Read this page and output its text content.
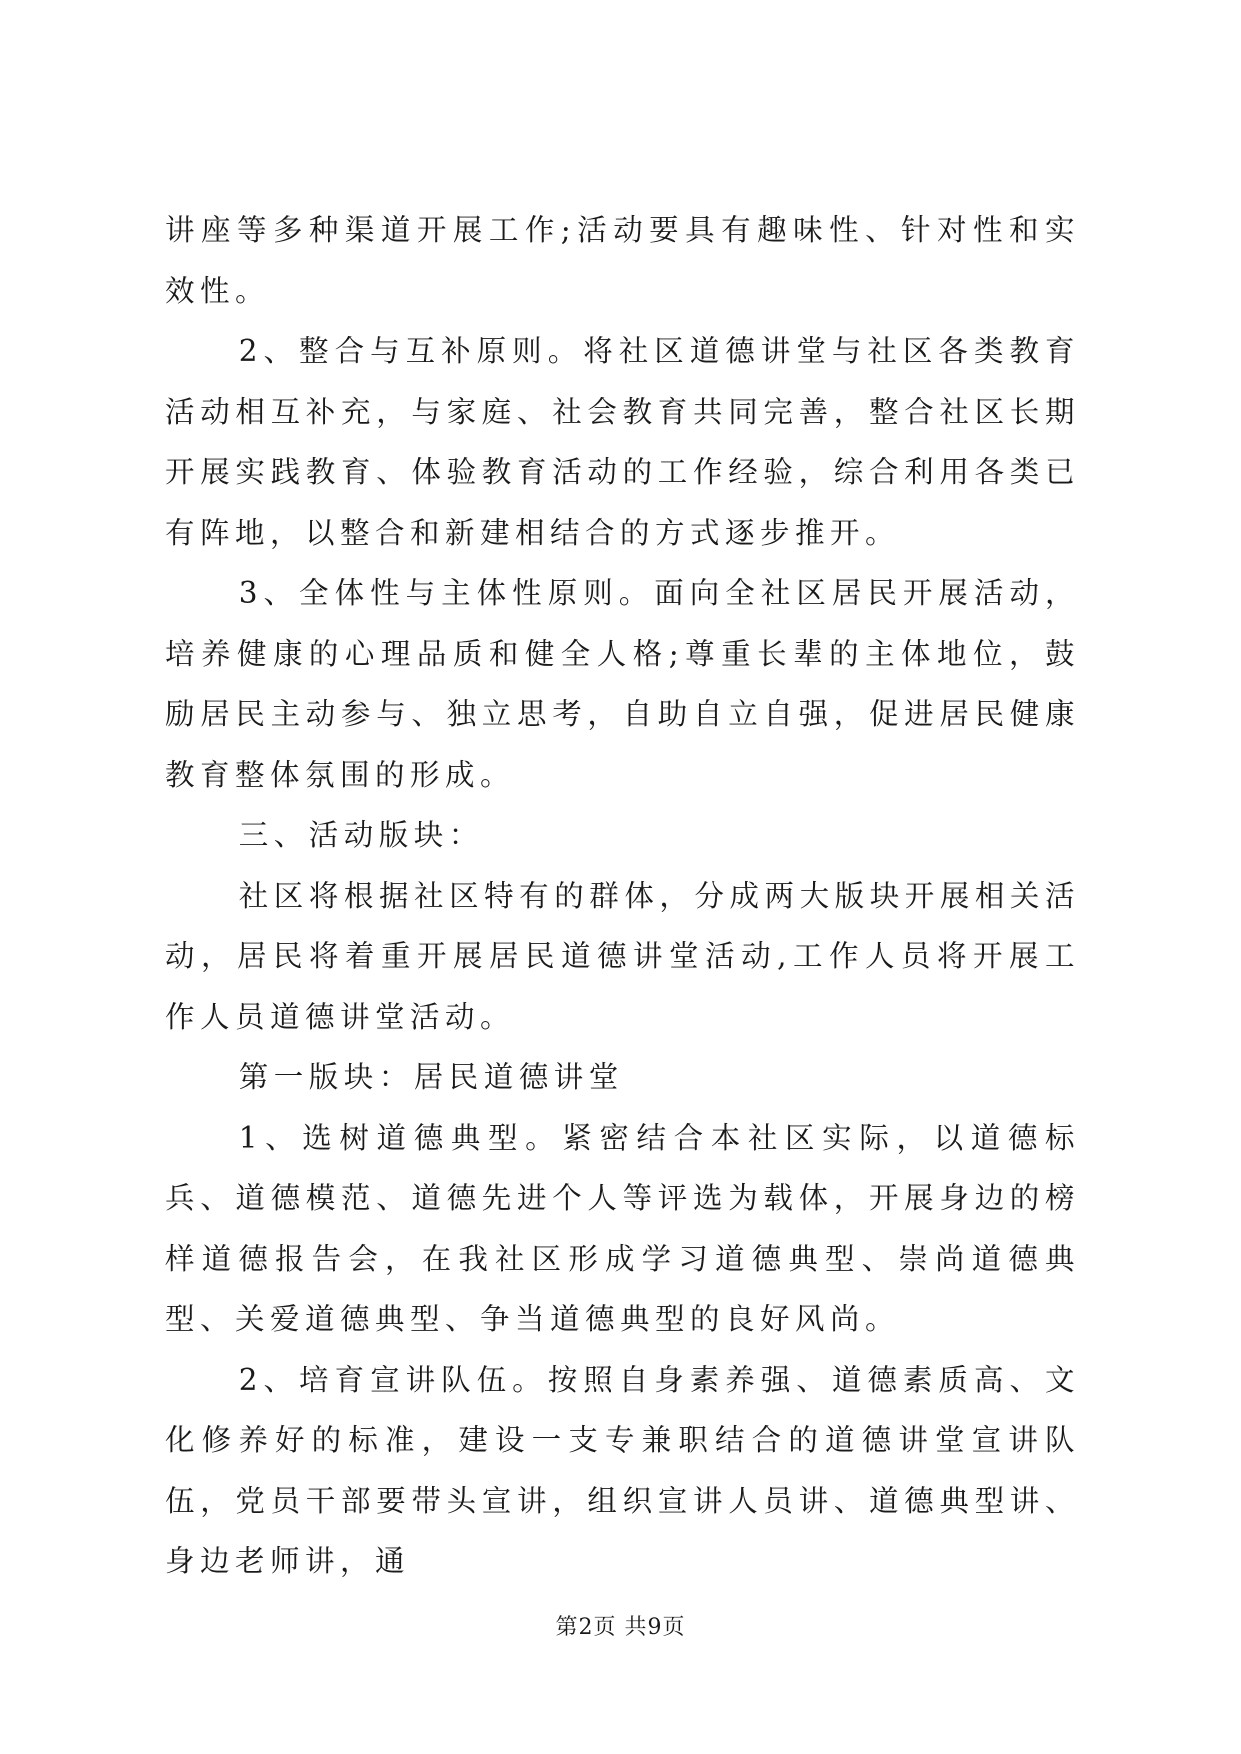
讲座等多种渠道开展工作;活动要具有趣味性、针对性和实效性。

2、整合与互补原则。将社区道德讲堂与社区各类教育活动相互补充，与家庭、社会教育共同完善，整合社区长期开展实践教育、体验教育活动的工作经验，综合利用各类已有阵地，以整合和新建相结合的方式逐步推开。

3、全体性与主体性原则。面向全社区居民开展活动，培养健康的心理品质和健全人格;尊重长辈的主体地位，鼓励居民主动参与、独立思考，自助自立自强，促进居民健康教育整体氛围的形成。

三、活动版块：

社区将根据社区特有的群体，分成两大版块开展相关活动，居民将着重开展居民道德讲堂活动,工作人员将开展工作人员道德讲堂活动。

第一版块：居民道德讲堂

1、选树道德典型。紧密结合本社区实际，以道德标兵、道德模范、道德先进个人等评选为载体，开展身边的榜样道德报告会，在我社区形成学习道德典型、崇尚道德典型、关爱道德典型、争当道德典型的良好风尚。

2、培育宣讲队伍。按照自身素养强、道德素质高、文化修养好的标准，建设一支专兼职结合的道德讲堂宣讲队伍，党员干部要带头宣讲，组织宣讲人员讲、道德典型讲、身边老师讲，通

第2页 共9页
